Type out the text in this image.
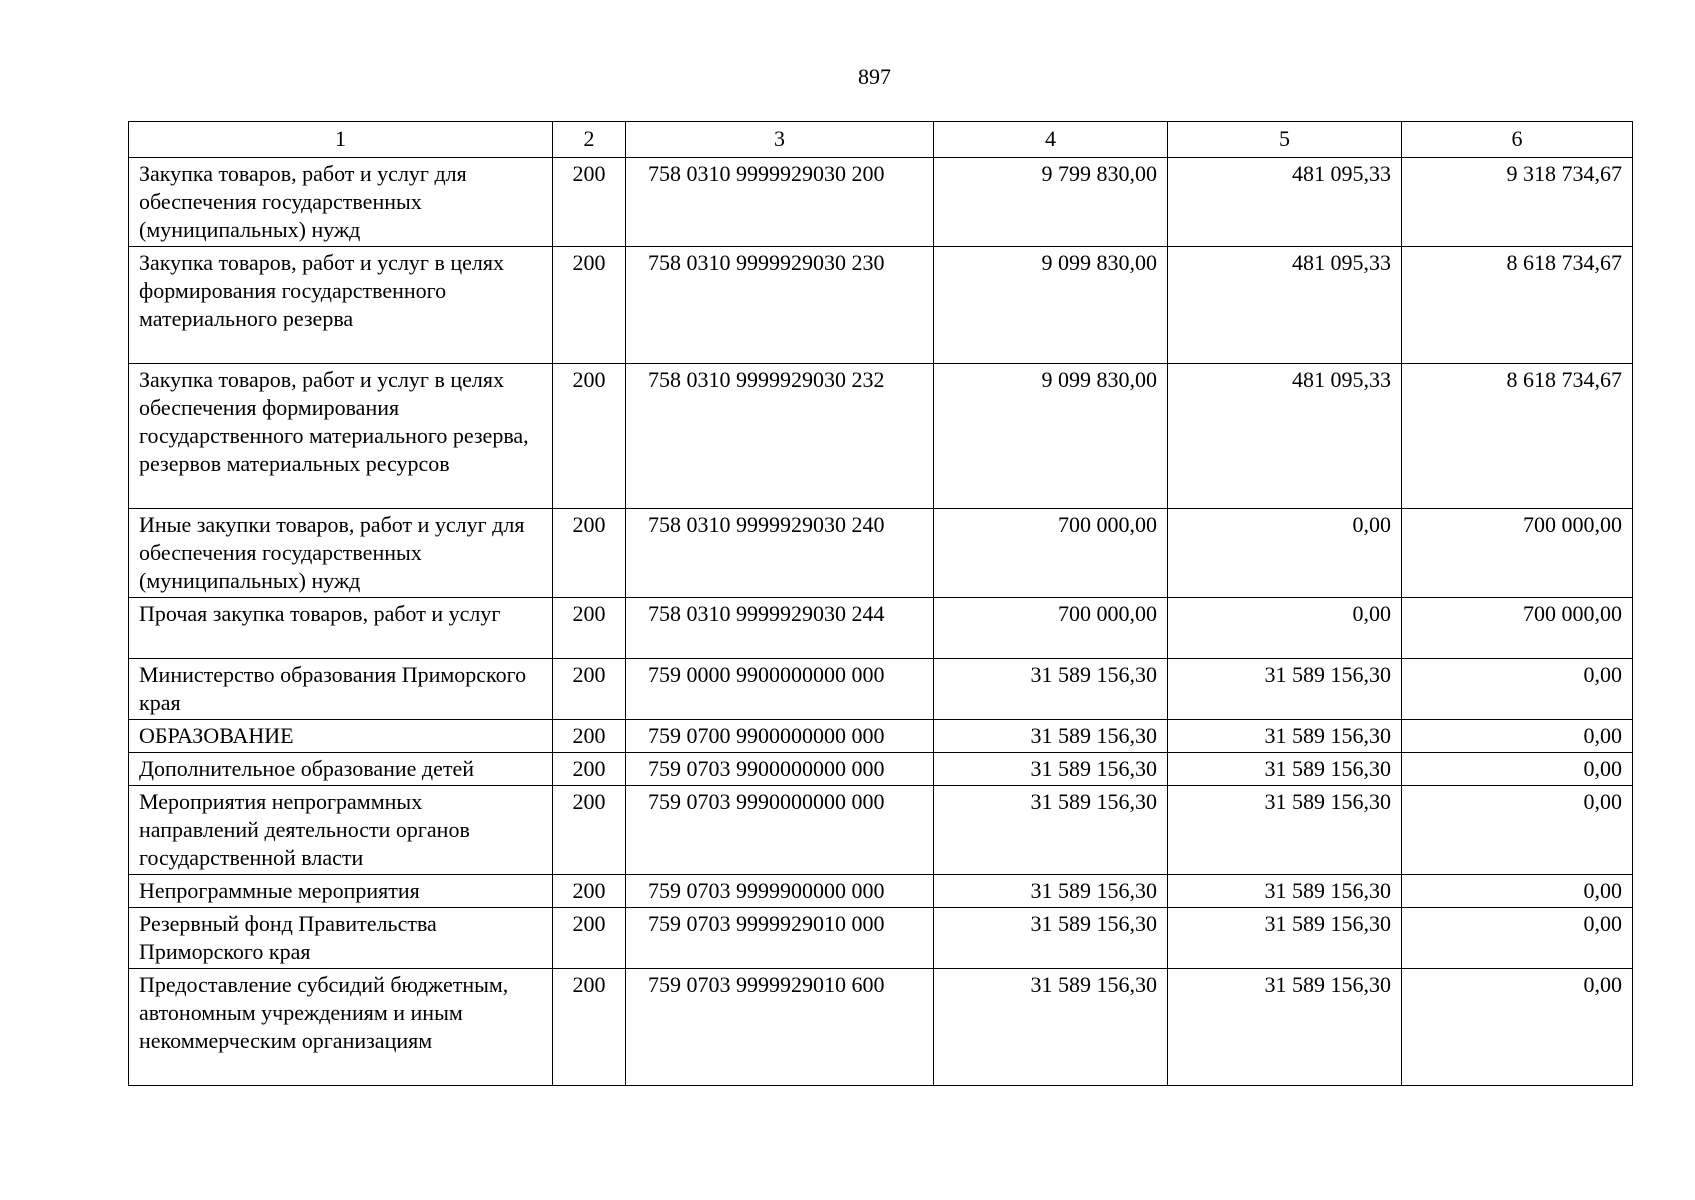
897
1	2	3	4	5	6
Закупка товаров, работ и услуг для обеспечения государственных (муниципальных) нужд	200	758 0310 9999929030 200	9 799 830,00	481 095,33	9 318 734,67
Закупка товаров, работ и услуг в целях формирования государственного материального резерва	200	758 0310 9999929030 230	9 099 830,00	481 095,33	8 618 734,67
Закупка товаров, работ и услуг в целях обеспечения формирования государственного материального резерва, резервов материальных ресурсов	200	758 0310 9999929030 232	9 099 830,00	481 095,33	8 618 734,67
Иные закупки товаров, работ и услуг для обеспечения государственных (муниципальных) нужд	200	758 0310 9999929030 240	700 000,00	0,00	700 000,00
Прочая закупка товаров, работ и услуг	200	758 0310 9999929030 244	700 000,00	0,00	700 000,00
Министерство образования Приморского края	200	759 0000 9900000000 000	31 589 156,30	31 589 156,30	0,00
ОБРАЗОВАНИЕ	200	759 0700 9900000000 000	31 589 156,30	31 589 156,30	0,00
Дополнительное образование детей	200	759 0703 9900000000 000	31 589 156,30	31 589 156,30	0,00
Мероприятия непрограммных направлений деятельности органов государственной власти	200	759 0703 9990000000 000	31 589 156,30	31 589 156,30	0,00
Непрограммные мероприятия	200	759 0703 9999900000 000	31 589 156,30	31 589 156,30	0,00
Резервный фонд Правительства Приморского края	200	759 0703 9999929010 000	31 589 156,30	31 589 156,30	0,00
Предоставление субсидий бюджетным, автономным учреждениям и иным некоммерческим организациям	200	759 0703 9999929010 600	31 589 156,30	31 589 156,30	0,00
